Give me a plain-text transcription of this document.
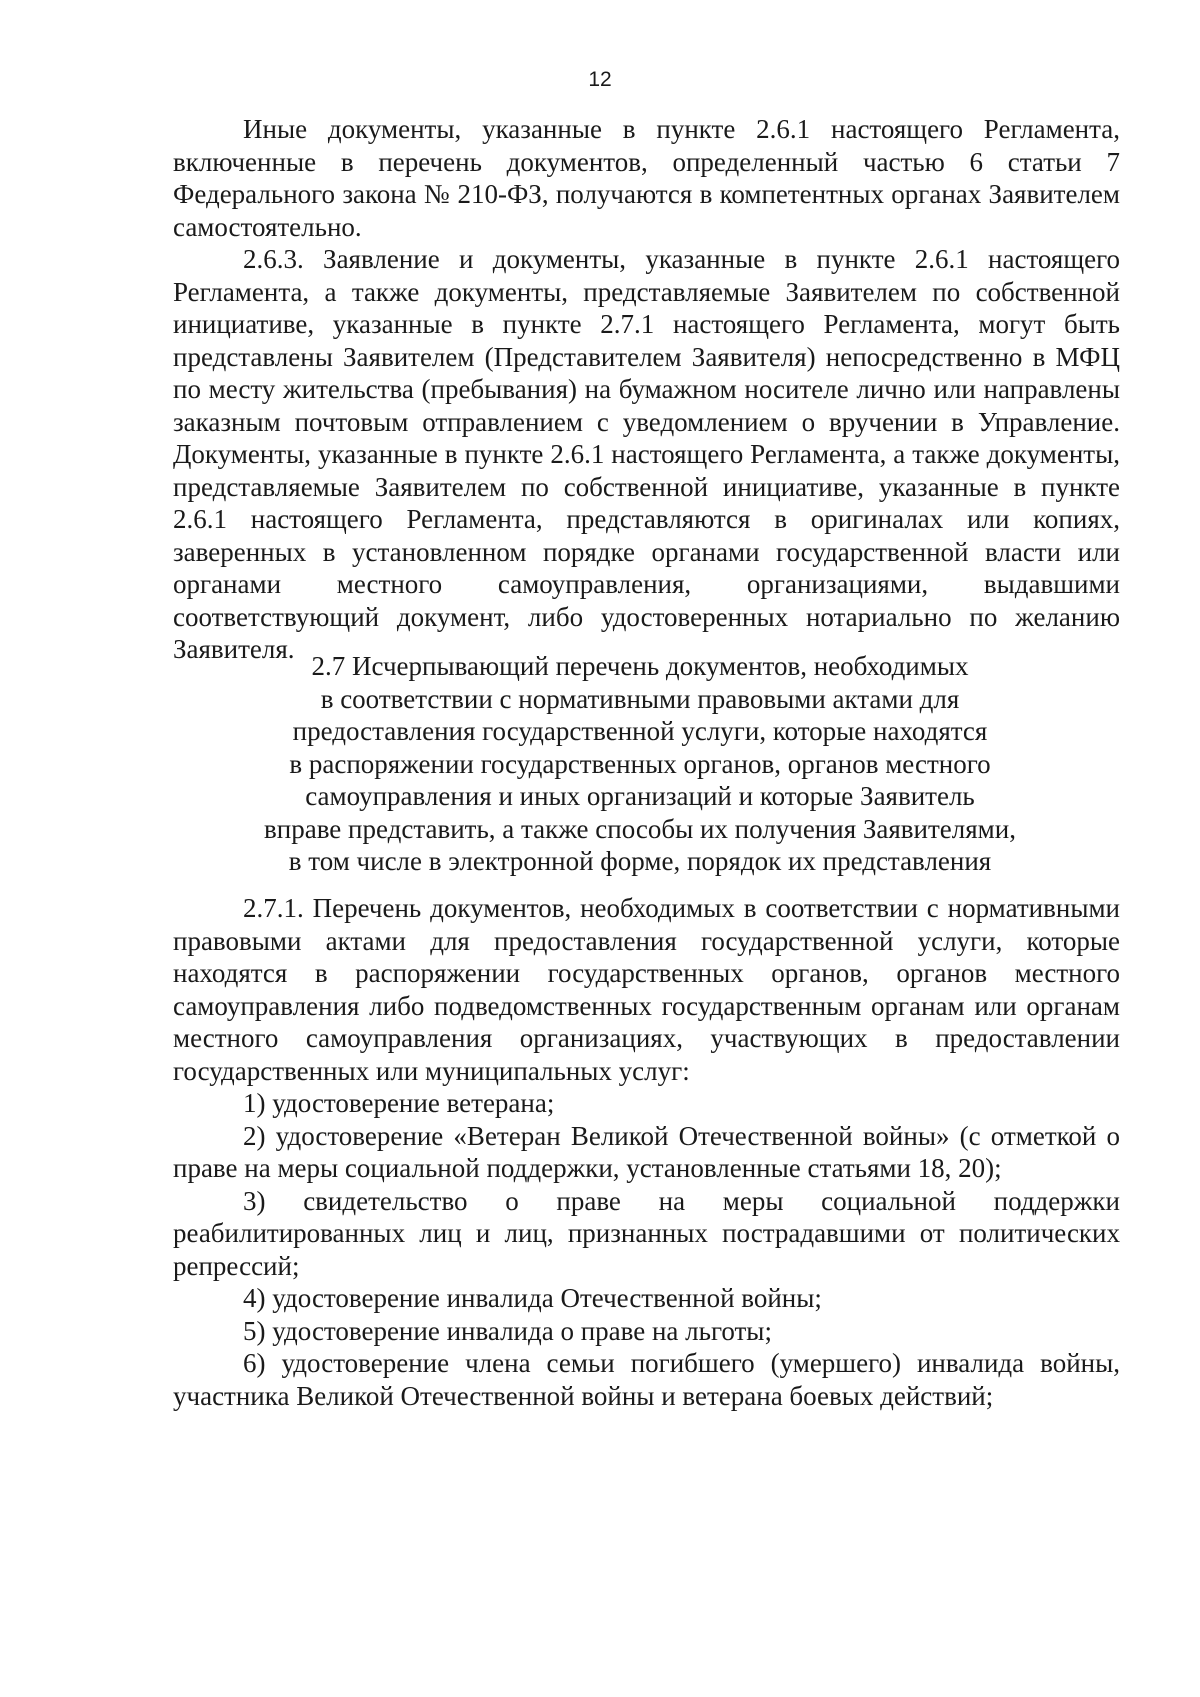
12

Иные документы, указанные в пункте 2.6.1 настоящего Регламента, включенные в перечень документов, определенный частью 6 статьи 7 Федерального закона № 210-ФЗ, получаются в компетентных органах Заявителем самостоятельно.

2.6.3. Заявление и документы, указанные в пункте 2.6.1 настоящего Регламента, а также документы, представляемые Заявителем по собственной инициативе, указанные в пункте 2.7.1 настоящего Регламента, могут быть представлены Заявителем (Представителем Заявителя) непосредственно в МФЦ по месту жительства (пребывания) на бумажном носителе лично или направлены заказным почтовым отправлением с уведомлением о вручении в Управление. Документы, указанные в пункте 2.6.1 настоящего Регламента, а также документы, представляемые Заявителем по собственной инициативе, указанные в пункте 2.6.1 настоящего Регламента, представляются в оригиналах или копиях, заверенных в установленном порядке органами государственной власти или органами местного самоуправления, организациями, выдавшими соответствующий документ, либо удостоверенных нотариально по желанию Заявителя.

2.7 Исчерпывающий перечень документов, необходимых
в соответствии с нормативными правовыми актами для
предоставления государственной услуги, которые находятся
в распоряжении государственных органов, органов местного
самоуправления и иных организаций и которые Заявитель
вправе представить, а также способы их получения Заявителями,
в том числе в электронной форме, порядок их представления

2.7.1. Перечень документов, необходимых в соответствии с нормативными правовыми актами для предоставления государственной услуги, которые находятся в распоряжении государственных органов, органов местного самоуправления либо подведомственных государственным органам или органам местного самоуправления организациях, участвующих в предоставлении государственных или муниципальных услуг:

1) удостоверение ветерана;

2) удостоверение «Ветеран Великой Отечественной войны» (с отметкой о праве на меры социальной поддержки, установленные статьями 18, 20);

3) свидетельство о праве на меры социальной поддержки реабилитированных лиц и лиц, признанных пострадавшими от политических репрессий;

4) удостоверение инвалида Отечественной войны;

5) удостоверение инвалида о праве на льготы;

6) удостоверение члена семьи погибшего (умершего) инвалида войны, участника Великой Отечественной войны и ветерана боевых действий;
